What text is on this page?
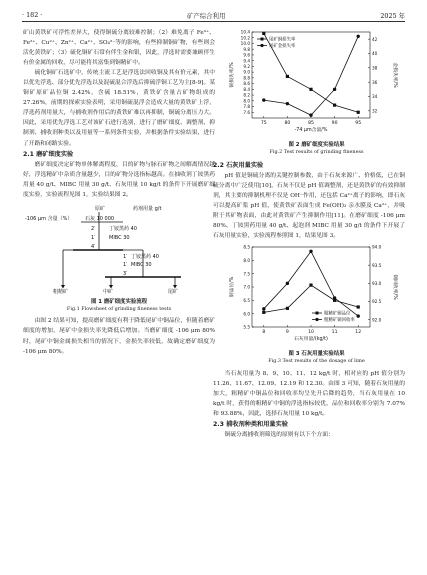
· 182 ·	矿产综合利用	2025 年

矿山黄铁矿可浮性差异大，使得铜硫分离较难控制；（2）难免离子 Fe³⁺、Fe²⁺、Cu²⁺、Zn²⁺、Ca²⁺、SO₄²⁻等的影响，有些抑制铜矿物，有些则会活化黄铁矿；（3）硫化铜矿石常有伴生金和银，因此，浮选时需要兼顾伴生有价金属的回收，尽可能将其富集到铜精矿中。

硫化铜矿石选矿中，传统主流工艺是浮选法回收铜及其有价元素，其中以优先浮选、部分优先浮选以及混硫混合浮选后抑硫浮铜工艺为主[8-9]。某铜矿原矿品位铜 2.42%，含硫 18.51%，黄铁矿含量占矿物组成的 27.26%，前期的探索实验表明，采用铜硫混浮会造成大量的黄铁矿上浮，浮选药剂用量大，与捕收剂作用后的黄铁矿难以再抑制，铜硫分离压力大。因此，采用优先浮选工艺对该矿石进行选别，进行了磨矿细度、调整剂、抑制剂、捕收剂种类以及用量等一系列条件实验，并根据条件实验结果，进行了开路和闭路实验。

2.1 磨矿细度实验

磨矿细度决定矿物单体解离程度，目的矿物与脉石矿物之间解离情况越好，浮选精矿中杂质含量越少，目的矿物分选指标越高。在抽收剂丁铵黑药用量 40 g/t、MIBC 用量 30 g/t、石灰用量 10 kg/t 的条件下开展磨矿细度实验，实验流程见图 1，实验结果图 2。

原矿	药剂用量 g/t
-106 μm 含量（%）	石灰 10 000
2′	丁铵黑药 40
1′	MIBC 30
4′
丁铵黑药 40
1′
MIBC 30
1′
3′
粗精矿	中矿	尾矿
图 1 磨矿细度实验流程
Fig.1 Flowsheet of grinding fineness tests

由图 2 结果可知，提高磨矿细度有利于降低尾矿中铜品位，但随着磨矿细度的增加，尾矿中金损失率先降低后增加。当磨矿细度 -106 μm 80% 时，尾矿中铜金属损失相当的情况下，金损失率较低，故确定磨矿细度为 -106 μm 80%。

75	80	85	90	95
7.6
7.8
8.0
8.2
8.4
8.6
8.8
9.0
9.2
9.4
9.6
9.8
10.0
10.2
10.4
32
34
36
38
40
42
-74 μm含量/%
铜损失率/%	金损失率/%
尾矿铜损失率
尾矿金损失率
图 2 磨矿细度实验结果
Fig.2 Test results of grinding fineness
2.2 石灰用量实验

pH 值是铜硫分离的关键控制参数，由于石灰来源广、价格低，已在铜硫分离中广泛使用[10]，石灰不仅是 pH 值调整剂，还是黄铁矿的有效抑制剂，其主要的抑制机理不仅是 OH⁻作用，还包括 Ca²⁺离子的影响，即石灰可以提高矿浆 pH 值，使黄铁矿表面生成 Fe(OH)₃ 亲水膜及 Ca²⁺，并吸附于其矿物表面，由此对黄铁矿产生抑制作用[11]。在磨矿细度 -106 μm 80%、丁铵黑药用量 40 g/t、起泡剂 MIBC 用量 30 g/t 的条件下开展了石灰用量实验，实验流程参照图 1，结果见图 3。

8	9	10	11	12
5.5
6.0
6.5
7.0
7.5
8.0
8.5
92.0
92.5
93.0
93.5
94.0
石灰用量/(kg/t)
铜品位/%	铜回收率/%
粗精矿铜品位
粗精矿铜回收率
图 3 石灰用量实验结果
Fig.3 Test results of the dosage of lime

当石灰用量为 8、9、10、11、12 kg/t 时，相对应的 pH 值分别为 11.26、11.67、12.09、12.19 和 12.30。由图 3 可知，随着石灰用量的加大，粗精矿中铜品位和回收率均呈先升后降的趋势，当石灰用量在 10 kg/t 时，获得的粗精矿中铜的浮选指标较优，品位和回收率分别为 7.07% 和 93.88%，因此，选择石灰用量 10 kg/t。

2.3 捕收剂种类和用量实验

铜硫分离捕收剂筛选的原则有以下个方面：
